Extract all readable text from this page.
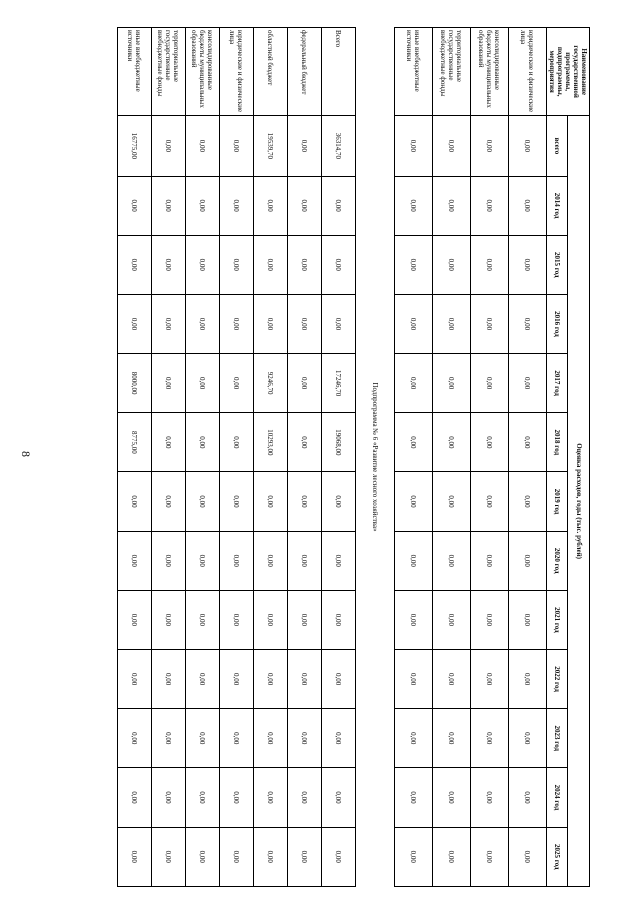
8
Наименование государственной программы, подпрограммы, мероприятия	Оценка расходов, годы (тыс. рублей)												
	всего	2014 год	2015 год	2016 год	2017 год	2018 год	2019 год	2020 год	2021 год	2022 год	2023 год	2024 год	2025 год
юридические и физические лица	0,00	0,00	0,00	0,00	0,00	0,00	0,00	0,00	0,00	0,00	0,00	0,00	0,00
консолидированные бюджеты муниципальных образований	0,00	0,00	0,00	0,00	0,00	0,00	0,00	0,00	0,00	0,00	0,00	0,00	0,00
территориальные государственные внебюджетные фонды	0,00	0,00	0,00	0,00	0,00	0,00	0,00	0,00	0,00	0,00	0,00	0,00	0,00
иные внебюджетные источники	0,00	0,00	0,00	0,00	0,00	0,00	0,00	0,00	0,00	0,00	0,00	0,00	0,00
Подпрограмма № 6 «Развитие лесного хозяйства»													
Всего	36314,70	0,00	0,00	0,00	17246,70	19068,00	0,00	0,00	0,00	0,00	0,00	0,00	0,00
федеральный бюджет	0,00	0,00	0,00	0,00	0,00	0,00	0,00	0,00	0,00	0,00	0,00	0,00	0,00
областной бюджет	19539,70	0,00	0,00	0,00	9246,70	10293,00	0,00	0,00	0,00	0,00	0,00	0,00	0,00
юридические и физические лица	0,00	0,00	0,00	0,00	0,00	0,00	0,00	0,00	0,00	0,00	0,00	0,00	0,00
консолидированные бюджеты муниципальных образований	0,00	0,00	0,00	0,00	0,00	0,00	0,00	0,00	0,00	0,00	0,00	0,00	0,00
территориальные государственные внебюджетные фонды	0,00	0,00	0,00	0,00	0,00	0,00	0,00	0,00	0,00	0,00	0,00	0,00	0,00
иные внебюджетные источники	16775,00	0,00	0,00	0,00	8000,00	8775,00	0,00	0,00	0,00	0,00	0,00	0,00	0,00
